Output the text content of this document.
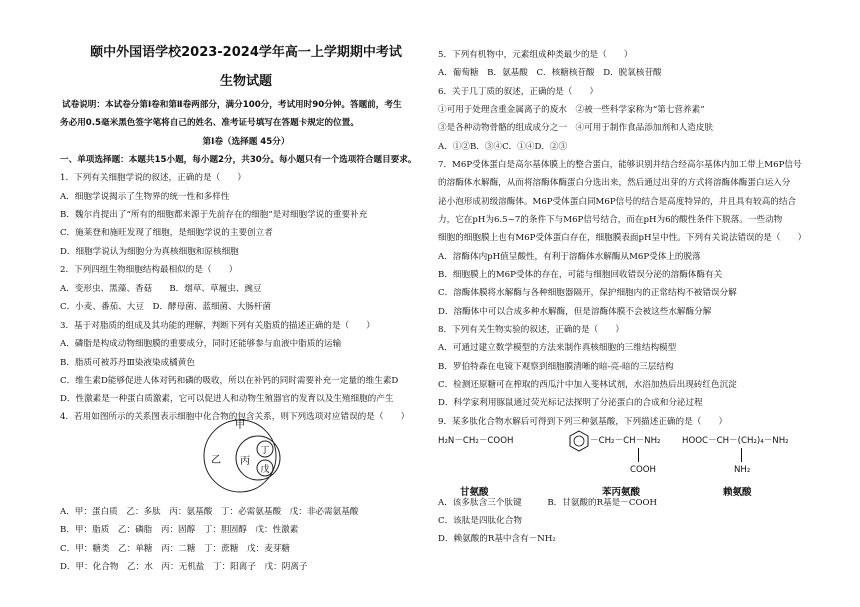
颐中外国语学校2023-2024学年高一上学期期中考试
生物试题
试卷说明：本试卷分第Ⅰ卷和第Ⅱ卷两部分，满分100分，考试用时90分钟。答题前，考生
务必用0.5毫米黑色签字笔将自己的姓名、准考证号填写在答题卡规定的位置。
第Ⅰ卷（选择题 45分）
一、单项选择题：本题共15小题，每小题2分，共30分。每小题只有一个选项符合题目要求。
1．下列有关细胞学说的叙述，正确的是（　　）
A．细胞学说揭示了生物界的统一性和多样性
B．魏尔肖提出了“所有的细胞都来源于先前存在的细胞”是对细胞学说的重要补充
C．施莱登和施旺发现了细胞，是细胞学说的主要创立者
D．细胞学说认为细胞分为真核细胞和原核细胞
2．下列四组生物细胞结构最相似的是（　　）
A．变形虫、黑藻、香菇　　B．烟草、草履虫、豌豆
C．小麦、番茄、大豆　D．酵母菌、蓝细菌、大肠杆菌
3．基于对脂质的组成及其功能的理解，判断下列有关脂质的描述正确的是（　　）
A．磷脂是构成动物细胞膜的重要成分，同时还能够参与血液中脂质的运输
B．脂质可被苏丹Ⅲ染液染成橘黄色
C．维生素D能够促进人体对钙和磷的吸收，所以在补钙的同时需要补充一定量的维生素D
D．性激素是一种蛋白质激素，它可以促进人和动物生殖器官的发育以及生殖细胞的产生
4．若用如图所示的关系图表示细胞中化合物的包含关系，则下列选项对应错误的是（　　）
甲
乙 丙
丁
戊
A．甲：蛋白质　乙：多肽　丙：氨基酸　丁：必需氨基酸　戊：非必需氨基酸
B．甲：脂质　乙：磷脂　丙：固醇　丁：胆固醇　戊：性激素
C．甲：糖类　乙：单糖　丙：二糖　丁：蔗糖　戊：麦芽糖
D．甲：化合物　乙：水　丙：无机盐　丁：阳离子　戊：阴离子
5．下列有机物中，元素组成种类最少的是（　　）
A．葡萄糖　B．氨基酸　C．核糖核苷酸　D．脱氧核苷酸
6．关于几丁质的叙述，正确的是（　　）
①可用于处理含重金属离子的废水　②被一些科学家称为“第七营养素”
③是各种动物骨骼的组成成分之一　④可用于制作食品添加剂和人造皮肤
A．①②B．③④C．①④D．②③
7．M6P受体蛋白是高尔基体膜上的整合蛋白，能够识别并结合经高尔基体内加工带上M6P信号
的溶酶体水解酶，从而将溶酶体酶蛋白分选出来，然后通过出芽的方式将溶酶体酶蛋白运入分
泌小泡形成初级溶酶体。M6P受体蛋白同M6P信号的结合是高度特异的，并且具有较高的结合
力，它在pH为6.5~7的条件下与M6P信号结合，而在pH为6的酸性条件下脱落。一些动物
细胞的细胞膜上也有M6P受体蛋白存在，细胞膜表面pH呈中性。下列有关说法错误的是（　　）
A．溶酶体内pH值呈酸性，有利于溶酶体水解酶从M6P受体上的脱落
B．细胞膜上的M6P受体的存在，可能与细胞回收错误分泌的溶酶体酶有关
C．溶酶体膜将水解酶与各种细胞器隔开，保护细胞内的正常结构不被错误分解
D．溶酶体中可以合成多种水解酶，但是溶酶体膜不会被这些水解酶分解
8．下列有关生物实验的叙述，正确的是（　　）
A．可通过建立数学模型的方法来制作真核细胞的三维结构模型
B．罗伯特森在电镜下观察到细胞膜清晰的暗-亮-暗的三层结构
C．检测还原糖可在榨取的西瓜汁中加入斐林试剂，水浴加热后出现砖红色沉淀
D．科学家利用豚鼠通过荧光标记法探明了分泌蛋白的合成和分泌过程
9．某多肽化合物水解后可得到下列三种氨基酸，下列描述正确的是（　　）
H₂N－CH₂－COOH	－CH₂－CH－NH₂
COOH
HOOC－CH－(CH₂)₄－NH₂
NH₂
甘氨酸	苯丙氨酸	赖氨酸
A．该多肽含三个肽键　　　B．甘氨酸的R基是－COOH
C．该肽是四肽化合物
D．赖氨酸的R基中含有－NH₂
